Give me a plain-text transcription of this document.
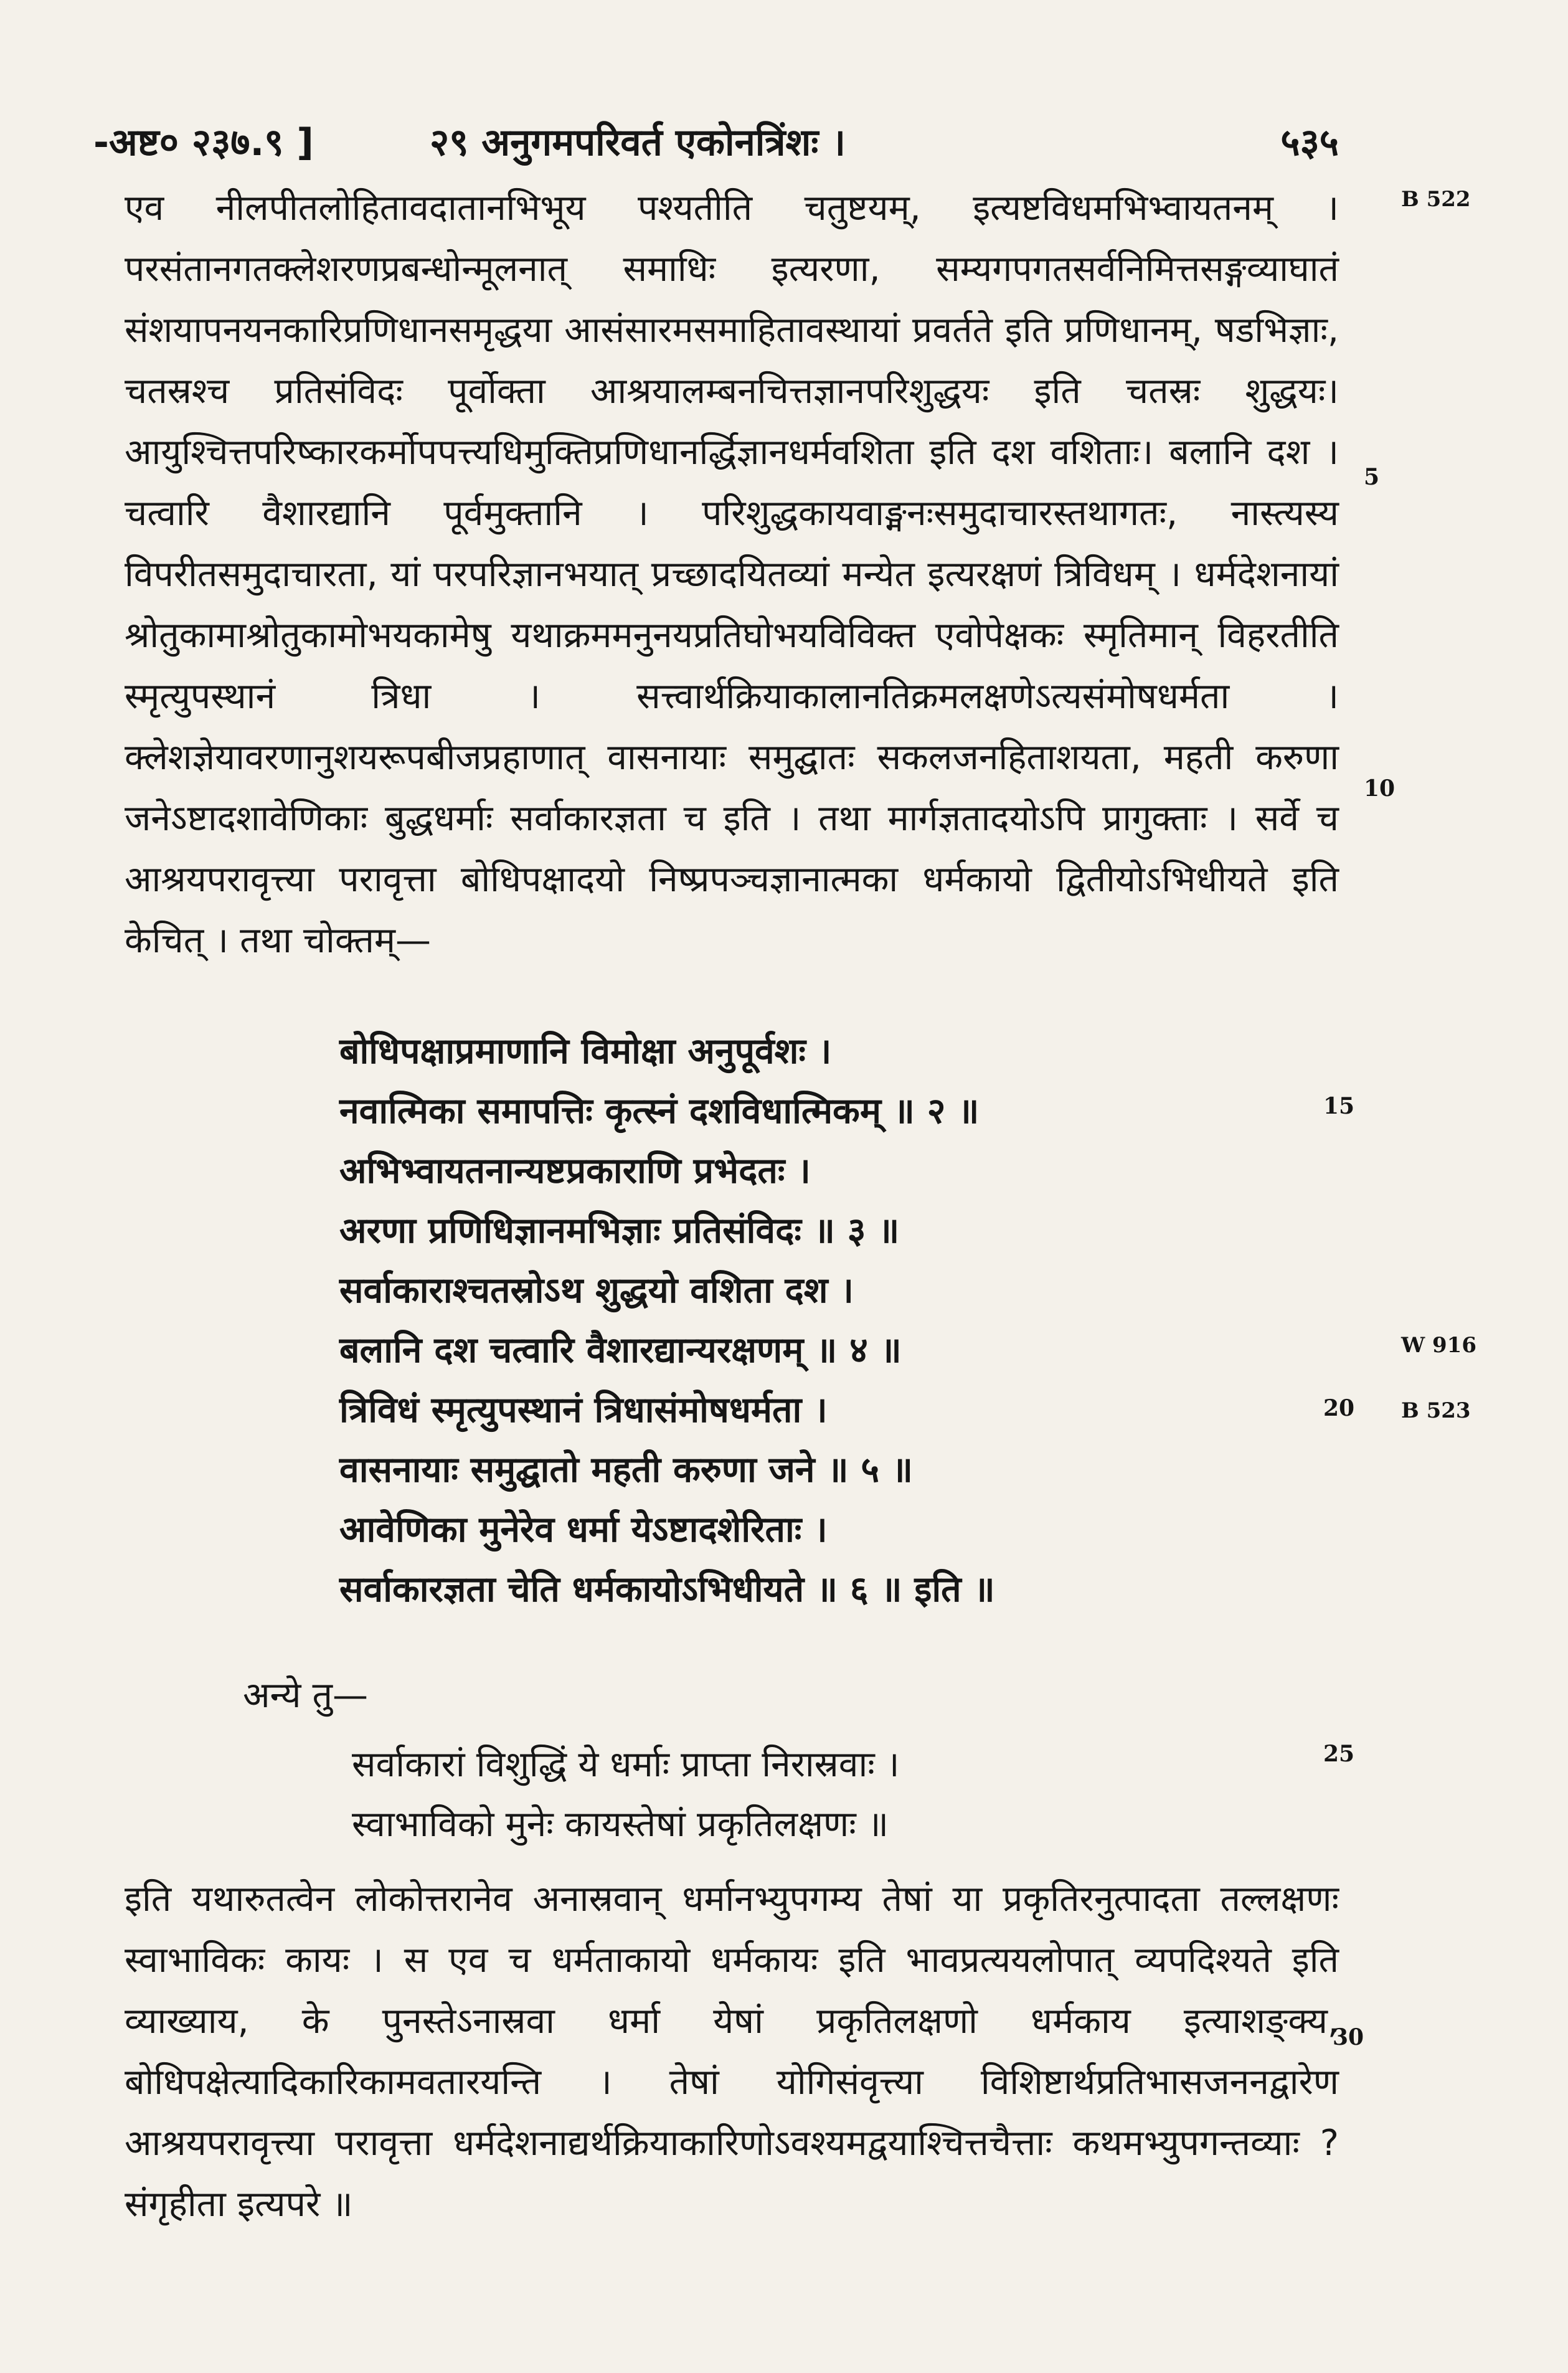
-अष्ट० २३७.९ ]	२९ अनुगमपरिवर्त एकोनत्रिंशः ।	५३५
एव नीलपीतलोहितावदातानभिभूय पश्यतीति चतुष्टयम्, इत्यष्टविधमभिभ्वायतनम् । परसंतानगतक्लेशरणप्रबन्धोन्मूलनात् समाधिः इत्यरणा, सम्यगपगतसर्वनिमित्तसङ्गव्याघातं संशयापनयनकारिप्रणिधानसमृद्धया आसंसारमसमाहितावस्थायां प्रवर्तते इति प्रणिधानम्, षडभिज्ञाः, चतस्रश्च प्रतिसंविदः पूर्वोक्ता आश्रयालम्बनचित्तज्ञानपरिशुद्धयः इति चतस्रः शुद्धयः। आयुश्चित्तपरिष्कारकर्मोपपत्त्यधिमुक्तिप्रणिधानर्द्धिज्ञानधर्मवशिता इति दश वशिताः। बलानि दश । चत्वारि वैशारद्यानि पूर्वमुक्तानि । परिशुद्धकायवाङ्मनःसमुदाचारस्तथागतः, नास्त्यस्य विपरीतसमुदाचारता, यां परपरिज्ञानभयात् प्रच्छादयितव्यां मन्येत इत्यरक्षणं त्रिविधम् । धर्मदेशनायां श्रोतुकामाश्रोतुकामोभयकामेषु यथाक्रममनुनयप्रतिघोभयविविक्त एवोपेक्षकः स्मृतिमान् विहरतीति स्मृत्युपस्थानं त्रिधा । सत्त्वार्थक्रियाकालानतिक्रमलक्षणेऽत्यसंमोषधर्मता । क्लेशज्ञेयावरणानुशयरूपबीजप्रहाणात् वासनायाः समुद्घातः सकलजनहिताशयता, महती करुणा जनेऽष्टादशावेणिकाः बुद्धधर्माः सर्वाकारज्ञता च इति । तथा मार्गज्ञतादयोऽपि प्रागुक्ताः । सर्वे च आश्रयपरावृत्त्या परावृत्ता बोधिपक्षादयो निष्प्रपञ्चज्ञानात्मका धर्मकायो द्वितीयोऽभिधीयते इति केचित् । तथा चोक्तम्—
बोधिपक्षाप्रमाणानि विमोक्षा अनुपूर्वशः ।
नवात्मिका समापत्तिः कृत्स्नं दशविधात्मिकम् ॥ २ ॥
अभिभ्वायतनान्यष्टप्रकाराणि प्रभेदतः ।
अरणा प्रणिधिज्ञानमभिज्ञाः प्रतिसंविदः ॥ ३ ॥
सर्वाकाराश्चतस्रोऽथ शुद्धयो वशिता दश ।
बलानि दश चत्वारि वैशारद्यान्यरक्षणम् ॥ ४ ॥
त्रिविधं स्मृत्युपस्थानं त्रिधासंमोषधर्मता ।
वासनायाः समुद्घातो महती करुणा जने ॥ ५ ॥
आवेणिका मुनेरेव धर्मा येऽष्टादशेरिताः ।
सर्वाकारज्ञता चेति धर्मकायोऽभिधीयते ॥ ६ ॥ इति ॥
अन्ये तु—
सर्वाकारां विशुद्धिं ये धर्माः प्राप्ता निरास्रवाः ।
स्वाभाविको मुनेः कायस्तेषां प्रकृतिलक्षणः ॥
इति यथारुतत्वेन लोकोत्तरानेव अनास्रवान् धर्मानभ्युपगम्य तेषां या प्रकृतिरनुत्पादता तल्लक्षणः स्वाभाविकः कायः । स एव च धर्मताकायो धर्मकायः इति भावप्रत्ययलोपात् व्यपदिश्यते इति व्याख्याय, के पुनस्तेऽनास्रवा धर्मा येषां प्रकृतिलक्षणो धर्मकाय इत्याशङ्क्य, बोधिपक्षेत्यादिकारिकामवतारयन्ति । तेषां योगिसंवृत्त्या विशिष्टार्थप्रतिभासजननद्वारेण आश्रयपरावृत्त्या परावृत्ता धर्मदेशनाद्यर्थक्रियाकारिणोऽवश्यमद्वयाश्चित्तचैत्ताः कथमभ्युपगन्तव्याः ? संगृहीता इत्यपरे ॥
5
10
15
20
25
30
B 522
W 916
B 523
